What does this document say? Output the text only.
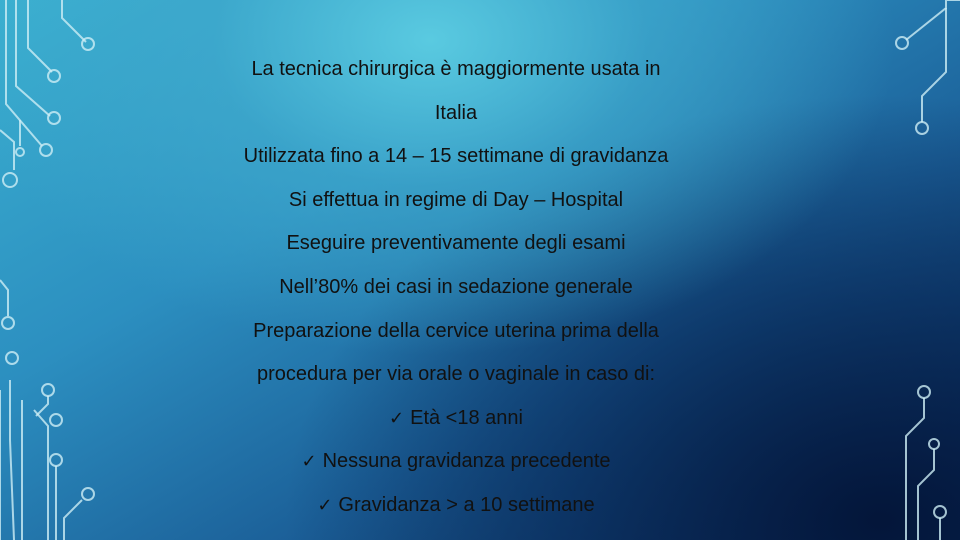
La tecnica chirurgica è maggiormente usata in
Italia
Utilizzata fino a 14 – 15 settimane di gravidanza
Si effettua in regime di Day – Hospital
Eseguire preventivamente degli esami
Nell’80% dei casi in sedazione generale
Preparazione della cervice uterina prima della
procedura per via orale o vaginale in caso di:
✓ Età <18 anni
✓ Nessuna gravidanza precedente
✓ Gravidanza > a 10 settimane
